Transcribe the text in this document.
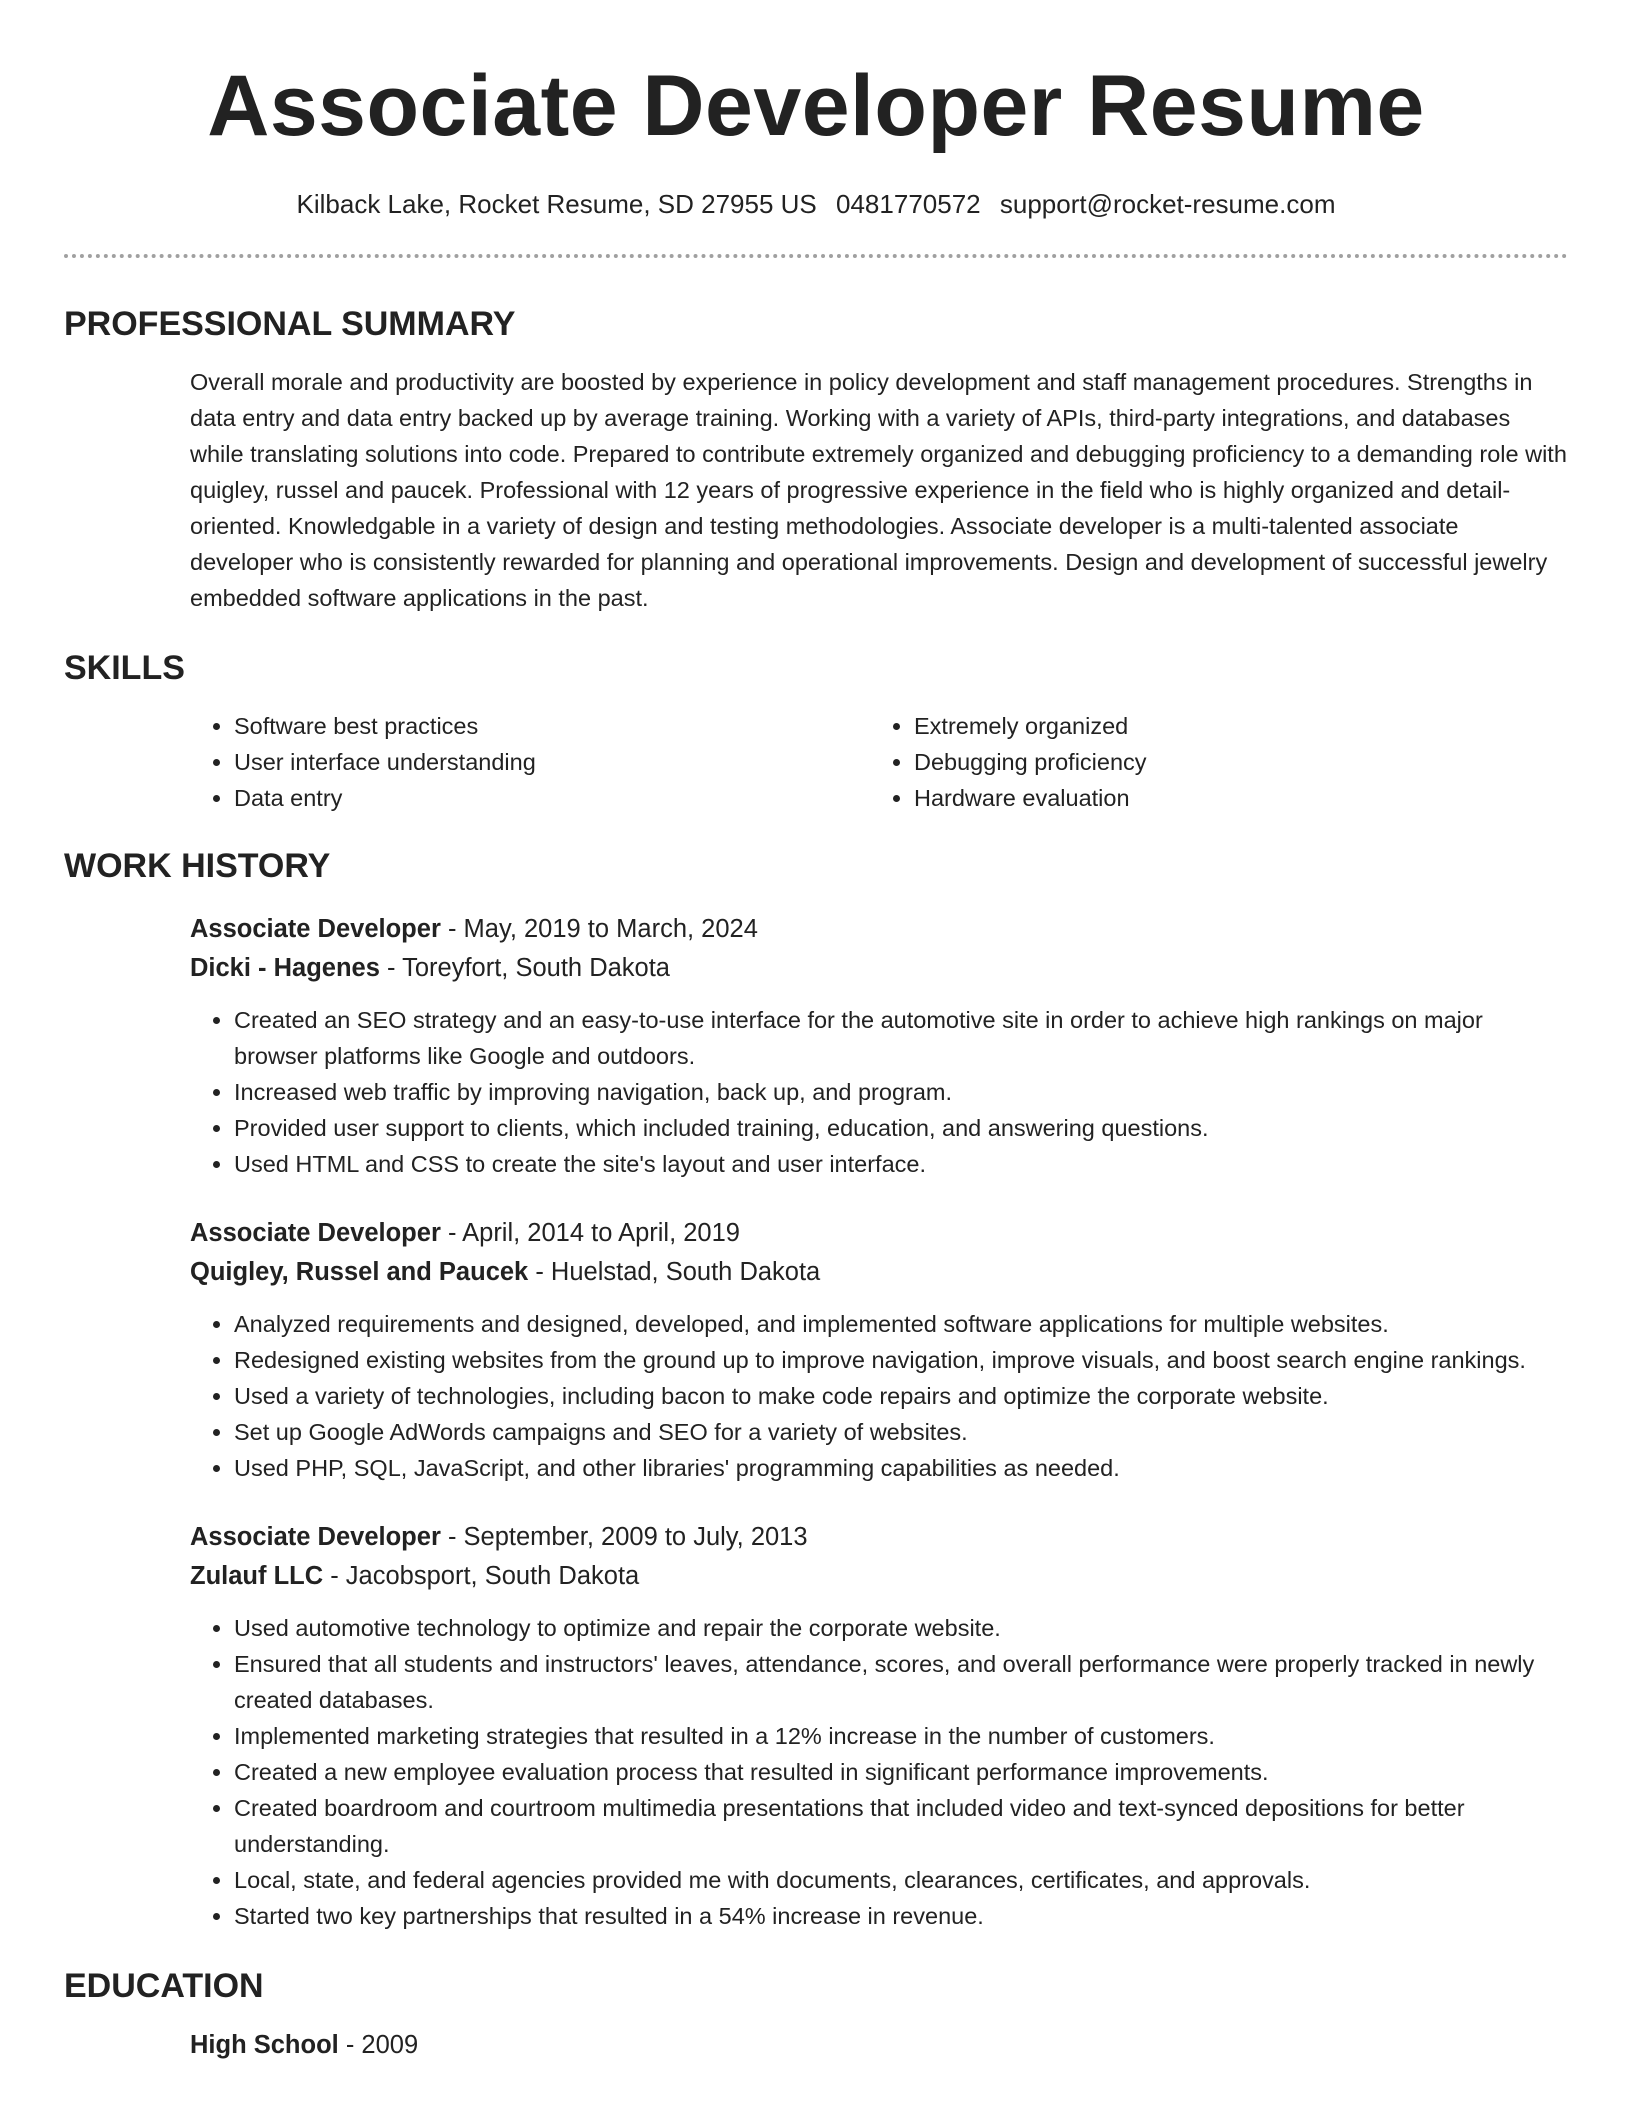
Associate Developer Resume
Kilback Lake, Rocket Resume, SD 27955 US 0481770572 support@rocket-resume.com
PROFESSIONAL SUMMARY
Overall morale and productivity are boosted by experience in policy development and staff management procedures. Strengths in data entry and data entry backed up by average training. Working with a variety of APIs, third-party integrations, and databases while translating solutions into code. Prepared to contribute extremely organized and debugging proficiency to a demanding role with quigley, russel and paucek. Professional with 12 years of progressive experience in the field who is highly organized and detail-oriented. Knowledgable in a variety of design and testing methodologies. Associate developer is a multi-talented associate developer who is consistently rewarded for planning and operational improvements. Design and development of successful jewelry embedded software applications in the past.
SKILLS
• Software best practices
• User interface understanding
• Data entry
• Extremely organized
• Debugging proficiency
• Hardware evaluation
WORK HISTORY
Associate Developer - May, 2019 to March, 2024
Dicki - Hagenes - Toreyfort, South Dakota
• Created an SEO strategy and an easy-to-use interface for the automotive site in order to achieve high rankings on major browser platforms like Google and outdoors.
• Increased web traffic by improving navigation, back up, and program.
• Provided user support to clients, which included training, education, and answering questions.
• Used HTML and CSS to create the site's layout and user interface.
Associate Developer - April, 2014 to April, 2019
Quigley, Russel and Paucek - Huelstad, South Dakota
• Analyzed requirements and designed, developed, and implemented software applications for multiple websites.
• Redesigned existing websites from the ground up to improve navigation, improve visuals, and boost search engine rankings.
• Used a variety of technologies, including bacon to make code repairs and optimize the corporate website.
• Set up Google AdWords campaigns and SEO for a variety of websites.
• Used PHP, SQL, JavaScript, and other libraries' programming capabilities as needed.
Associate Developer - September, 2009 to July, 2013
Zulauf LLC - Jacobsport, South Dakota
• Used automotive technology to optimize and repair the corporate website.
• Ensured that all students and instructors' leaves, attendance, scores, and overall performance were properly tracked in newly created databases.
• Implemented marketing strategies that resulted in a 12% increase in the number of customers.
• Created a new employee evaluation process that resulted in significant performance improvements.
• Created boardroom and courtroom multimedia presentations that included video and text-synced depositions for better understanding.
• Local, state, and federal agencies provided me with documents, clearances, certificates, and approvals.
• Started two key partnerships that resulted in a 54% increase in revenue.
EDUCATION
High School - 2009
